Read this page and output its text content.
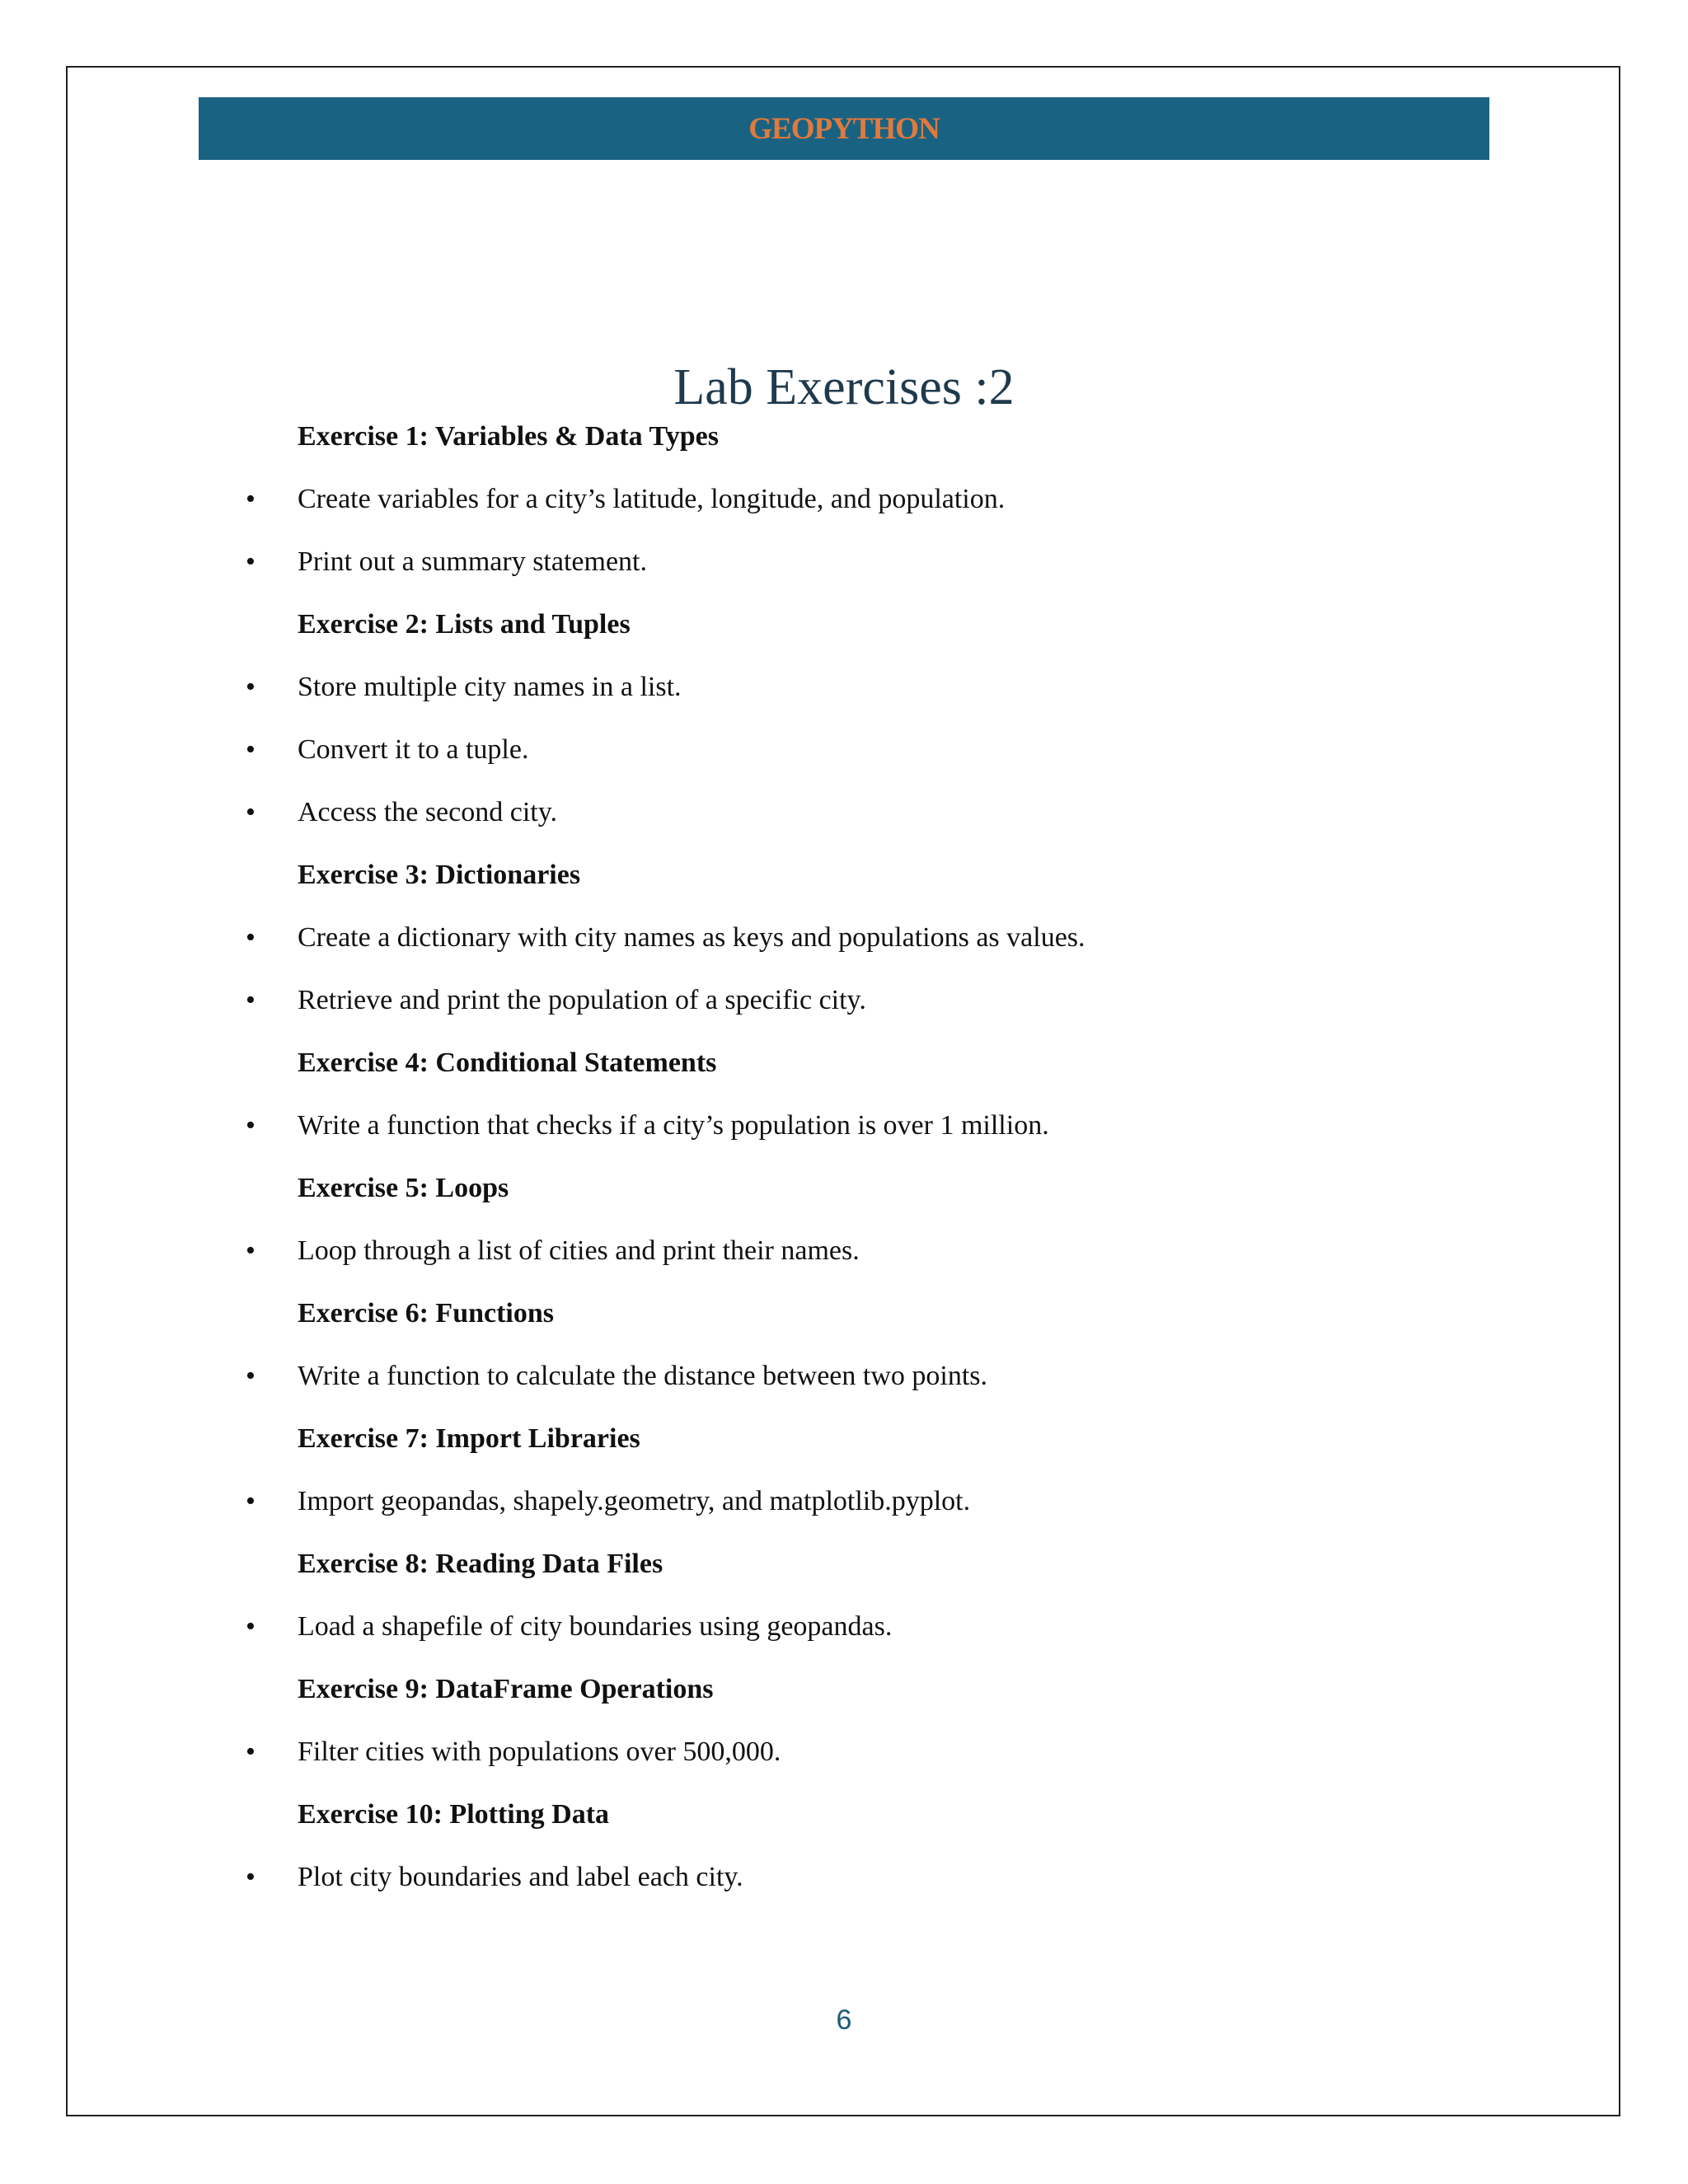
GEOPYTHON
Lab Exercises :2
Exercise 1: Variables & Data Types
• Create variables for a city’s latitude, longitude, and population.
• Print out a summary statement.
Exercise 2: Lists and Tuples
• Store multiple city names in a list.
• Convert it to a tuple.
• Access the second city.
Exercise 3: Dictionaries
• Create a dictionary with city names as keys and populations as values.
• Retrieve and print the population of a specific city.
Exercise 4: Conditional Statements
• Write a function that checks if a city’s population is over 1 million.
Exercise 5: Loops
• Loop through a list of cities and print their names.
Exercise 6: Functions
• Write a function to calculate the distance between two points.
Exercise 7: Import Libraries
• Import geopandas, shapely.geometry, and matplotlib.pyplot.
Exercise 8: Reading Data Files
• Load a shapefile of city boundaries using geopandas.
Exercise 9: DataFrame Operations
• Filter cities with populations over 500,000.
Exercise 10: Plotting Data
• Plot city boundaries and label each city.
6
